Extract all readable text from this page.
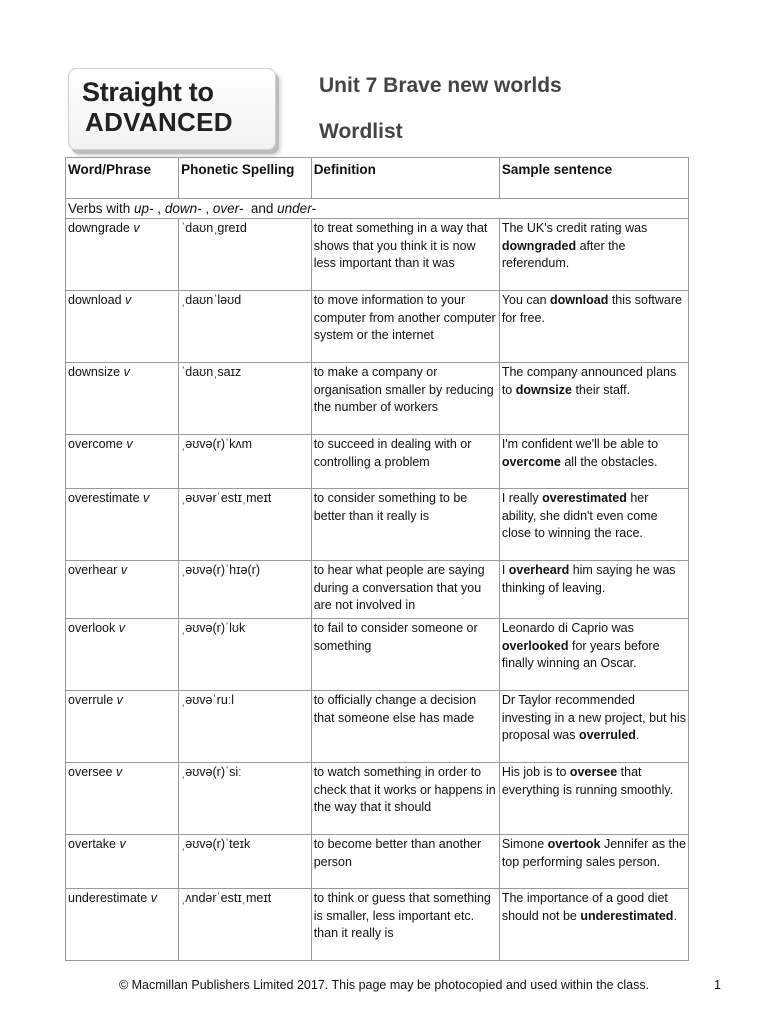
Straight to
ADVANCED
Unit 7 Brave new worlds
Wordlist
Word/Phrase	Phonetic Spelling	Definition	Sample sentence
Verbs with up- , down- , over-  and under-			
downgrade v	ˈdaʊnˌgreɪd	to treat something in a way that shows that you think it is now less important than it was	The UK's credit rating was downgraded after the referendum.
download v	ˌdaʊnˈləʊd	to move information to your computer from another computer system or the internet	You can download this software for free.
downsize v	ˈdaʊnˌsaɪz	to make a company or organisation smaller by reducing the number of workers	The company announced plans to downsize their staff.
overcome v	ˌəʊvə(r)ˈkʌm	to succeed in dealing with or controlling a problem	I'm confident we'll be able to overcome all the obstacles.
overestimate v	ˌəʊvərˈestɪˌmeɪt	to consider something to be better than it really is	I really overestimated her ability, she didn't even come close to winning the race.
overhear v	ˌəʊvə(r)ˈhɪə(r)	to hear what people are saying during a conversation that you are not involved in	I overheard him saying he was thinking of leaving.
overlook v	ˌəʊvə(r)ˈlʊk	to fail to consider someone or something	Leonardo di Caprio was overlooked for years before finally winning an Oscar.
overrule v	ˌəʊvəˈruːl	to officially change a decision that someone else has made	Dr Taylor recommended investing in a new project, but his proposal was overruled.
oversee v	ˌəʊvə(r)ˈsiː	to watch something in order to check that it works or happens in the way that it should	His job is to oversee that everything is running smoothly.
overtake v	ˌəʊvə(r)ˈteɪk	to become better than another person	Simone overtook Jennifer as the top performing sales person.
underestimate v	ˌʌndərˈestɪˌmeɪt	to think or guess that something is smaller, less important etc. than it really is	The importance of a good diet should not be underestimated.
© Macmillan Publishers Limited 2017. This page may be photocopied and used within the class.	1
